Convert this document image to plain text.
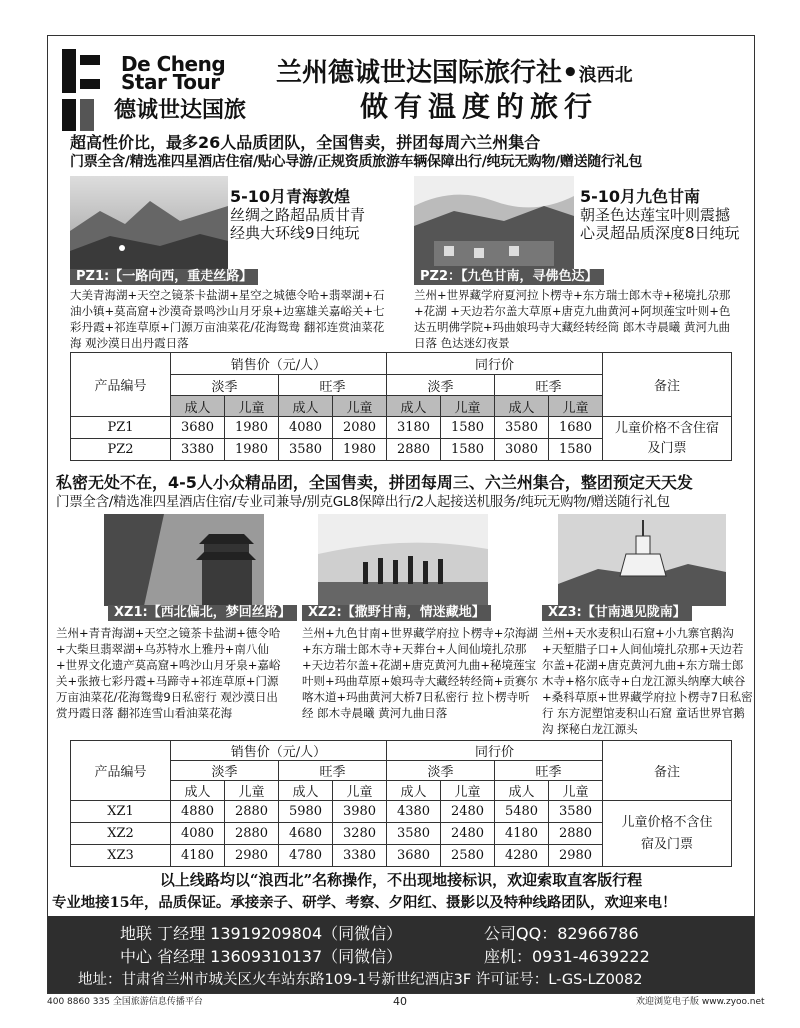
De Cheng
Star Tour
德诚世达国旅
兰州德诚世达国际旅行社•浪西北
做有温度的旅行
超高性价比，最多26人品质团队，全国售卖，拼团每周六兰州集合
门票全含/精选准四星酒店住宿/贴心导游/正规资质旅游车辆保障出行/纯玩无购物/赠送随行礼包
5-10月青海敦煌
丝绸之路超品质甘青
经典大环线9日纯玩
PZ1:【一路向西，重走丝路】
大美青海湖+天空之镜茶卡盐湖+星空之城德令哈+翡翠湖+石油小镇+莫高窟+沙漠奇景鸣沙山月牙泉+边塞雄关嘉峪关+七彩丹霞+祁连草原+门源万亩油菜花/花海鸳鸯 翻祁连赏油菜花海 观沙漠日出丹霞日落
5-10月九色甘南
朝圣色达莲宝叶则震撼
心灵超品质深度8日纯玩
PZ2：【九色甘南，寻佛色达】
兰州+世界藏学府夏河拉卜楞寺+东方瑞士郎木寺+秘境扎尕那+花湖 +天边若尔盖大草原+唐克九曲黄河+阿坝莲宝叶则+色达五明佛学院+玛曲娘玛寺大藏经转经筒 郎木寺晨曦 黄河九曲日落 色达迷幻夜景
产品编号	销售价（元/人）				同行价				备注
	淡季		旺季		淡季		旺季		
	成人	儿童	成人	儿童	成人	儿童	成人	儿童	
PZ1	3680	1980	4080	2080	3180	1580	3580	1680	儿童价格不含住宿及门票
PZ2	3380	1980	3580	1980	2880	1580	3080	1580	
私密无处不在，4-5人小众精品团，全国售卖，拼团每周三、六兰州集合，整团预定天天发
门票全含/精选准四星酒店住宿/专业司兼导/别克GL8保障出行/2人起接送机服务/纯玩无购物/赠送随行礼包
XZ1:【西北偏北，梦回丝路】
兰州+青青海湖+天空之镜茶卡盐湖+德令哈+大柴旦翡翠湖+乌苏特水上雅丹+南八仙+世界文化遗产莫高窟+鸣沙山月牙泉+嘉峪关+张掖七彩丹霞+马蹄寺+祁连草原+门源万亩油菜花/花海鸳鸯9日私密行 观沙漠日出 赏丹霞日落 翻祁连雪山看油菜花海
XZ2:【撒野甘南，情迷藏地】
兰州+九色甘南+世界藏学府拉卜楞寺+尕海湖+东方瑞士郎木寺+天葬台+人间仙境扎尕那+天边若尔盖+花湖+唐克黄河九曲+秘境莲宝叶则+玛曲草原+娘玛寺大藏经转经筒+贡赛尔喀木道+玛曲黄河大桥7日私密行 拉卜楞寺听经 郎木寺晨曦 黄河九曲日落
XZ3:【甘南遇见陇南】
兰州+天水麦积山石窟+小九寨官鹅沟+天堑腊子口+人间仙境扎尕那+天边若尔盖+花湖+唐克黄河九曲+东方瑞士郎木寺+格尔底寺+白龙江源头纳摩大峡谷+桑科草原+世界藏学府拉卜楞寺7日私密行 东方泥塑馆麦积山石窟 童话世界官鹅沟 探秘白龙江源头
产品编号	销售价（元/人）				同行价				备注
	淡季		旺季		淡季		旺季		
	成人	儿童	成人	儿童	成人	儿童	成人	儿童	
XZ1	4880	2880	5980	3980	4380	2480	5480	3580	儿童价格不含住宿及门票
XZ2	4080	2880	4680	3280	3580	2480	4180	2880	
XZ3	4180	2980	4780	3380	3680	2580	4280	2980	
以上线路均以“浪西北”名称操作，不出现地接标识，欢迎索取直客版行程
专业地接15年，品质保证。承接亲子、研学、考察、夕阳红、摄影以及特种线路团队，欢迎来电！
地联 丁经理 13919209804（同微信）	公司QQ：82966786
中心 省经理 13609310137（同微信）	座机：0931-4639222
地址：甘肃省兰州市城关区火车站东路109-1号新世纪酒店3F 许可证号：L-GS-LZ0082
400 8860 335 全国旅游信息传播平台	40	欢迎浏览电子版 www.zyoo.net
